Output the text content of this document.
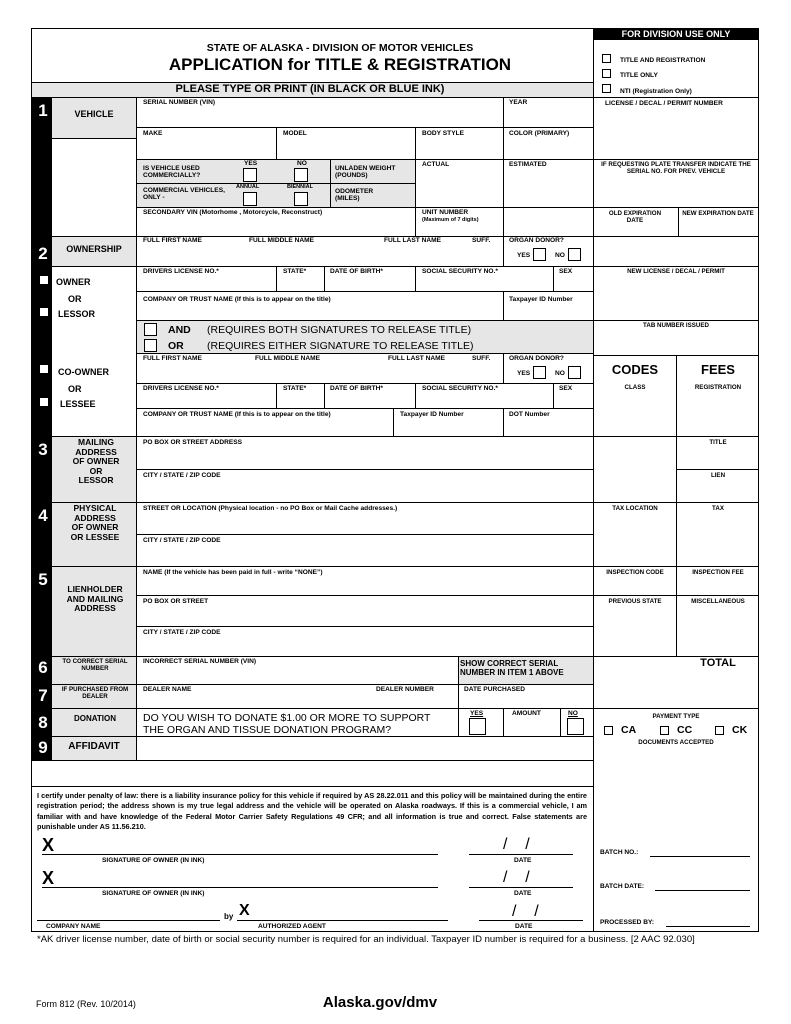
STATE OF ALASKA - DIVISION OF MOTOR VEHICLES
APPLICATION for TITLE & REGISTRATION
PLEASE TYPE OR PRINT (IN BLACK OR BLUE INK)
FOR DIVISION USE ONLY
TITLE AND REGISTRATION
TITLE ONLY
NTI (Registration Only)
LICENSE / DECAL / PERMIT NUMBER
IF REQUESTING PLATE TRANSFER INDICATE THE SERIAL NO. FOR PREV. VEHICLE
OLD EXPIRATION DATE
NEW EXPIRATION DATE
NEW LICENSE / DECAL / PERMIT
TAB NUMBER ISSUED
CODES	FEES
CLASS	REGISTRATION
TITLE
LIEN
TAX LOCATION	TAX
INSPECTION CODE	INSPECTION FEE
PREVIOUS STATE	MISCELLANEOUS
TOTAL
PAYMENT TYPE
CA	CC	CK
DOCUMENTS ACCEPTED
BATCH NO.:
BATCH DATE:
PROCESSED BY:
1	VEHICLE
SERIAL NUMBER (VIN)	YEAR
MAKE	MODEL	BODY STYLE	COLOR (PRIMARY)
IS VEHICLE USED COMMERCIALLY?
YES	NO
UNLADEN WEIGHT (POUNDS)
ACTUAL	ESTIMATED
COMMERCIAL VEHICLES, ONLY -
ANNUAL	BIENNIAL
ODOMETER (MILES)
SECONDARY VIN (Motorhome , Motorcycle, Reconstruct)	UNIT NUMBER
(Maximum of 7 digits)
2	OWNERSHIP
FULL FIRST NAME	FULL MIDDLE NAME	FULL LAST NAME	SUFF.	ORGAN DONOR?
YES	NO
DRIVERS LICENSE NO.*	STATE*	DATE OF BIRTH*	SOCIAL SECURITY NO.*	SEX
COMPANY OR TRUST NAME (If this is to appear on the title)	Taxpayer ID Number
OWNER
OR
LESSOR
AND (REQUIRES BOTH SIGNATURES TO RELEASE TITLE)
OR (REQUIRES EITHER SIGNATURE TO RELEASE TITLE)
FULL FIRST NAME	FULL MIDDLE NAME	FULL LAST NAME	SUFF.	ORGAN DONOR?
YES	NO
DRIVERS LICENSE NO.*	STATE*	DATE OF BIRTH*	SOCIAL SECURITY NO.*	SEX
COMPANY OR TRUST NAME (If this is to appear on the title)	Taxpayer ID Number	DOT Number
CO-OWNER
OR
LESSEE
3	MAILING ADDRESS OF OWNER OR LESSOR
PO BOX OR STREET ADDRESS
CITY / STATE / ZIP CODE
4	PHYSICAL ADDRESS OF OWNER OR LESSEE
STREET OR LOCATION (Physical location - no PO Box or Mail Cache addresses.)
CITY / STATE / ZIP CODE
5	LIENHOLDER AND MAILING ADDRESS
NAME (If the vehicle has been paid in full - write “NONE”)
PO BOX OR STREET
CITY / STATE / ZIP CODE
6	TO CORRECT SERIAL NUMBER
INCORRECT SERIAL NUMBER (VIN)	SHOW CORRECT SERIAL NUMBER IN ITEM 1 ABOVE
7	IF PURCHASED FROM DEALER
DEALER NAME	DEALER NUMBER	DATE PURCHASED
8	DONATION	DO YOU WISH TO DONATE $1.00 OR MORE TO SUPPORT THE ORGAN AND TISSUE DONATION PROGRAM?
YES	AMOUNT	NO
9	AFFIDAVIT
I certify under penalty of law: there is a liability insurance policy for this vehicle if required by AS 28.22.011 and this policy will be maintained during the entire registration period; the address shown is my true legal address and the vehicle will be operated on Alaska roadways. If this is a commercial vehicle, I am familiar with and have knowledge of the Federal Motor Carrier Safety Regulations 49 CFR; and all information is true and correct. False statements are punishable under AS 11.56.210.
X
SIGNATURE OF OWNER (IN INK)
/    /
DATE
X
SIGNATURE OF OWNER (IN INK)
/    /
DATE
COMPANY NAME
by X
AUTHORIZED AGENT
/    /
DATE
*AK driver license number, date of birth or social security number is required for an individual. Taxpayer ID number is required for a business. [2 AAC 92.030]
Form 812 (Rev. 10/2014)	Alaska.gov/dmv
